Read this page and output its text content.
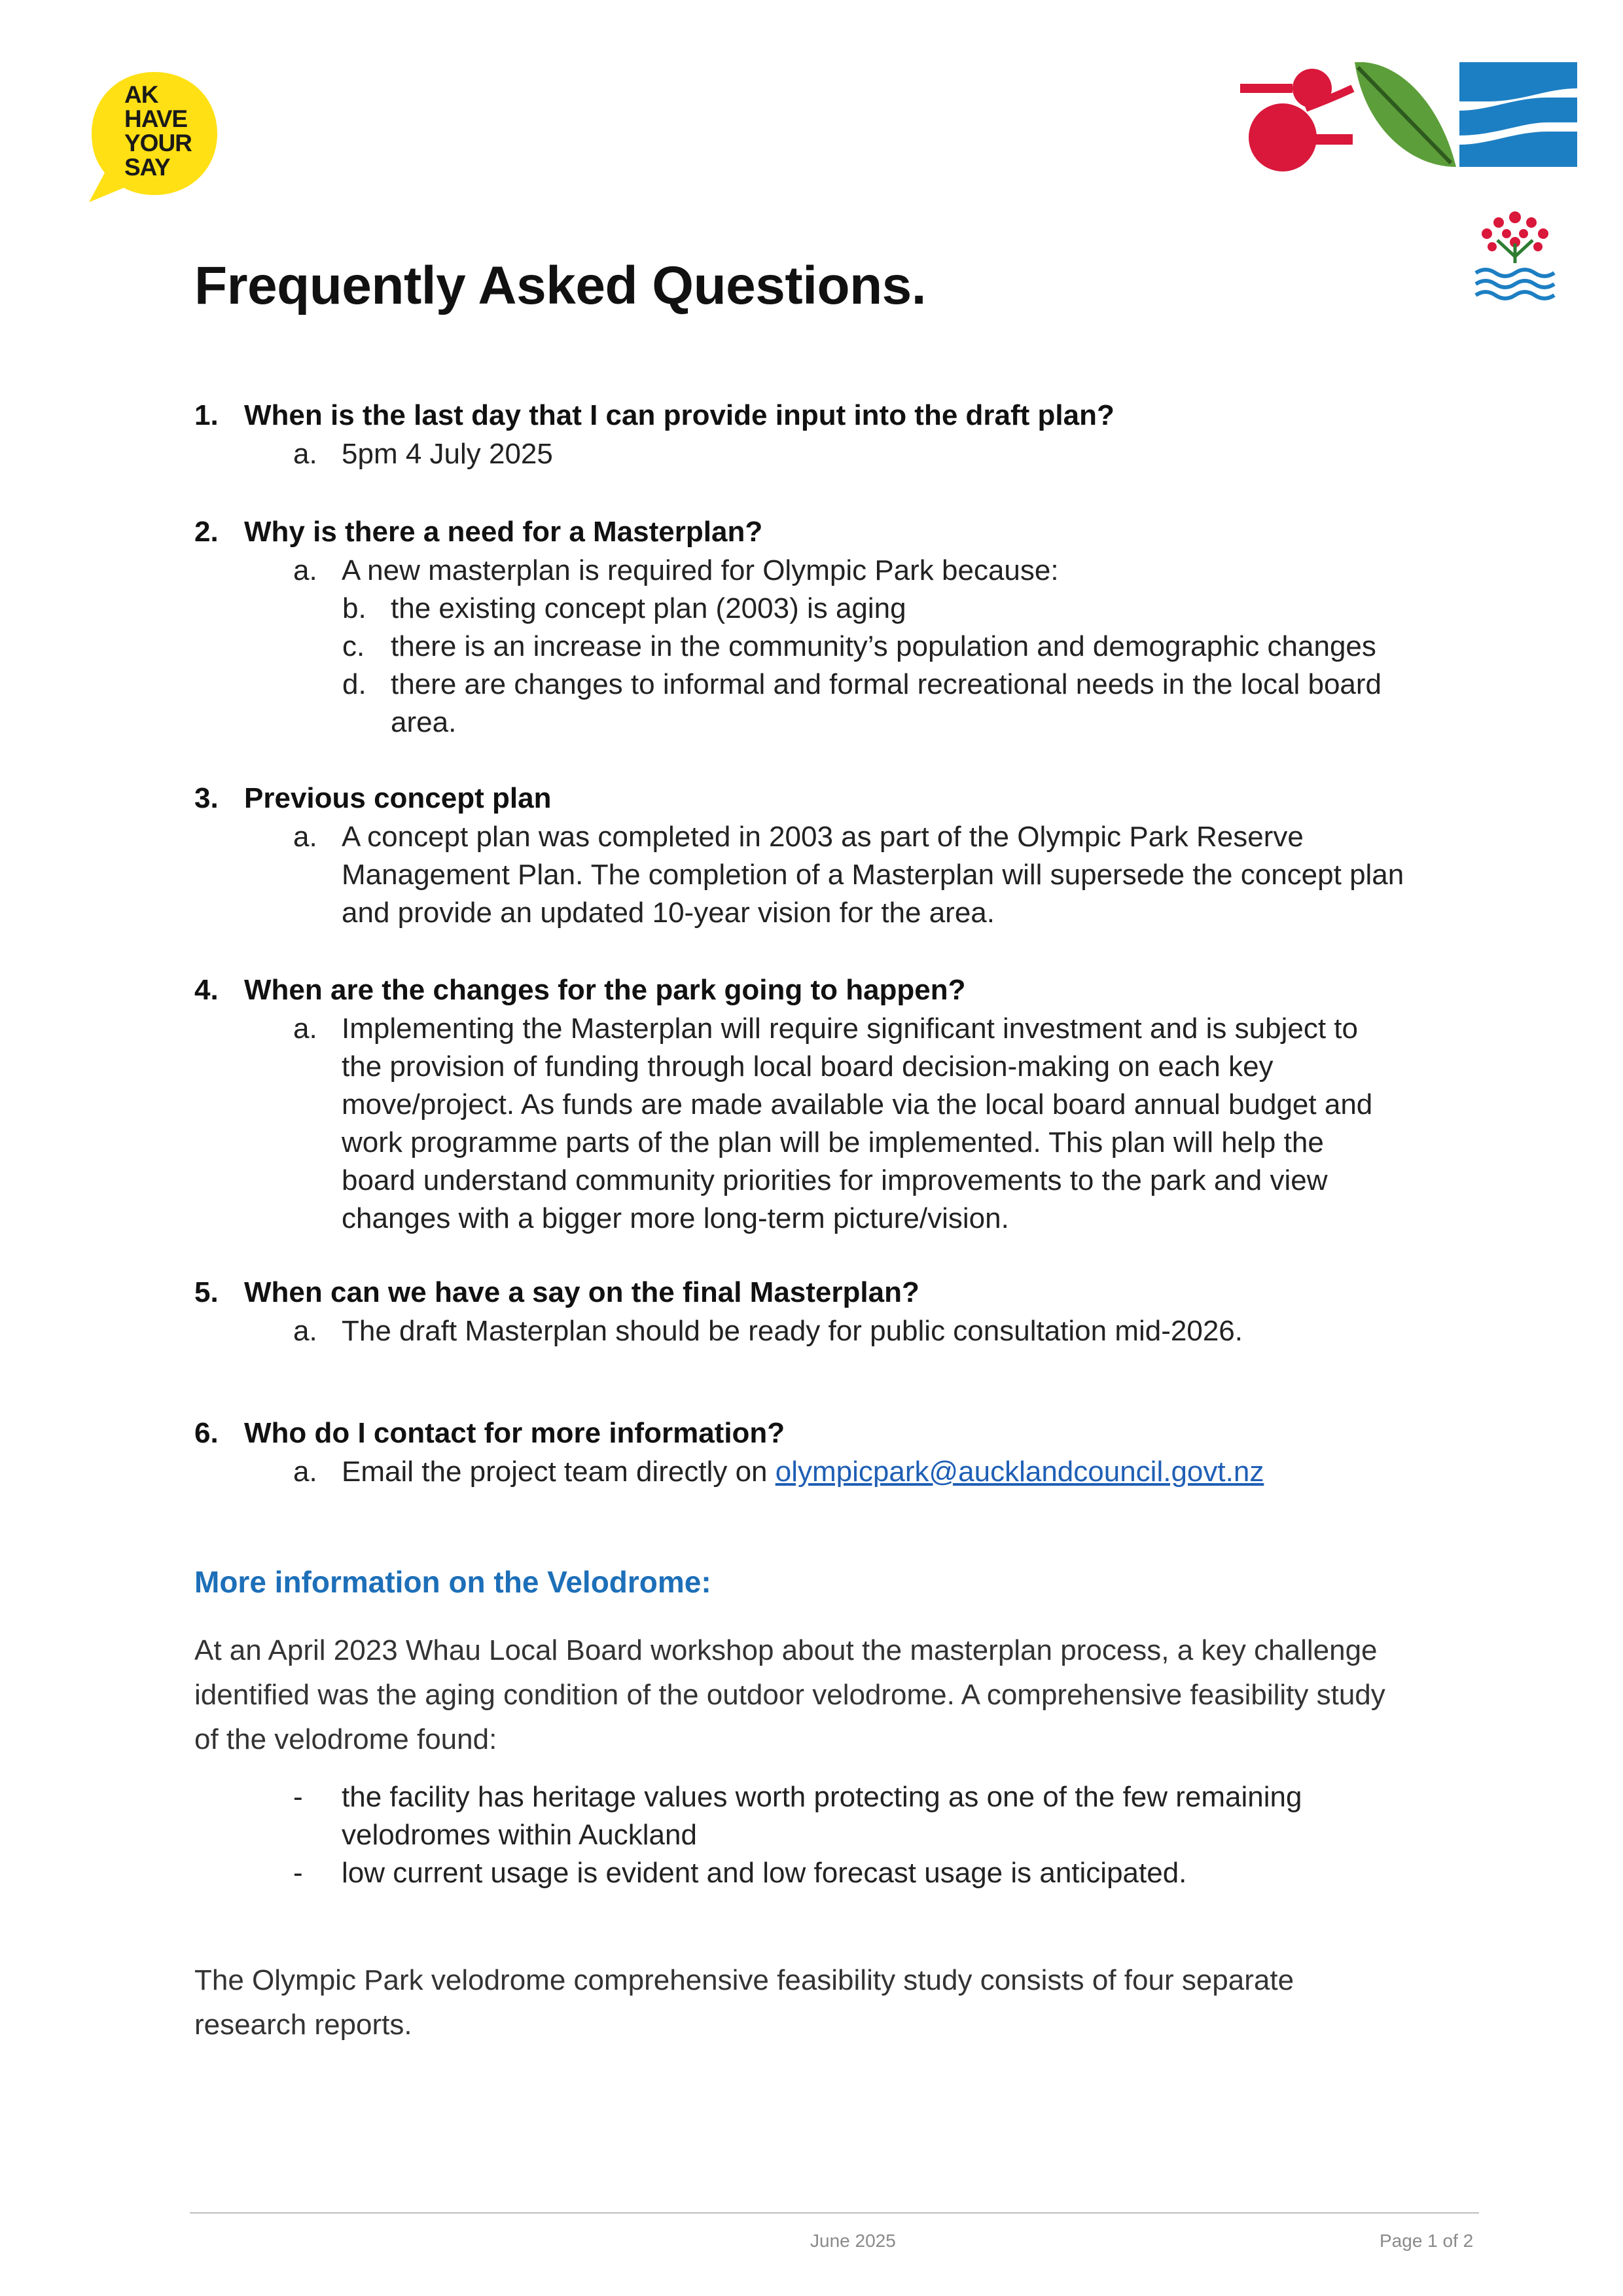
AK
HAVE
YOUR
SAY
Frequently Asked Questions.
1. When is the last day that I can provide input into the draft plan?
a. 5pm 4 July 2025
2. Why is there a need for a Masterplan?
a. A new masterplan is required for Olympic Park because:
b. the existing concept plan (2003) is aging
c. there is an increase in the community’s population and demographic changes
d. there are changes to informal and formal recreational needs in the local board
area.
3. Previous concept plan
a. A concept plan was completed in 2003 as part of the Olympic Park Reserve
Management Plan. The completion of a Masterplan will supersede the concept plan
and provide an updated 10-year vision for the area.
4. When are the changes for the park going to happen?
a. Implementing the Masterplan will require significant investment and is subject to
the provision of funding through local board decision-making on each key
move/project. As funds are made available via the local board annual budget and
work programme parts of the plan will be implemented. This plan will help the
board understand community priorities for improvements to the park and view
changes with a bigger more long-term picture/vision.
5. When can we have a say on the final Masterplan?
a. The draft Masterplan should be ready for public consultation mid-2026.
6. Who do I contact for more information?
a. Email the project team directly on olympicpark@aucklandcouncil.govt.nz
More information on the Velodrome:
At an April 2023 Whau Local Board workshop about the masterplan process, a key challenge
identified was the aging condition of the outdoor velodrome. A comprehensive feasibility study
of the velodrome found:
- the facility has heritage values worth protecting as one of the few remaining
velodromes within Auckland
- low current usage is evident and low forecast usage is anticipated.
The Olympic Park velodrome comprehensive feasibility study consists of four separate
research reports.
June 2025	Page 1 of 2
